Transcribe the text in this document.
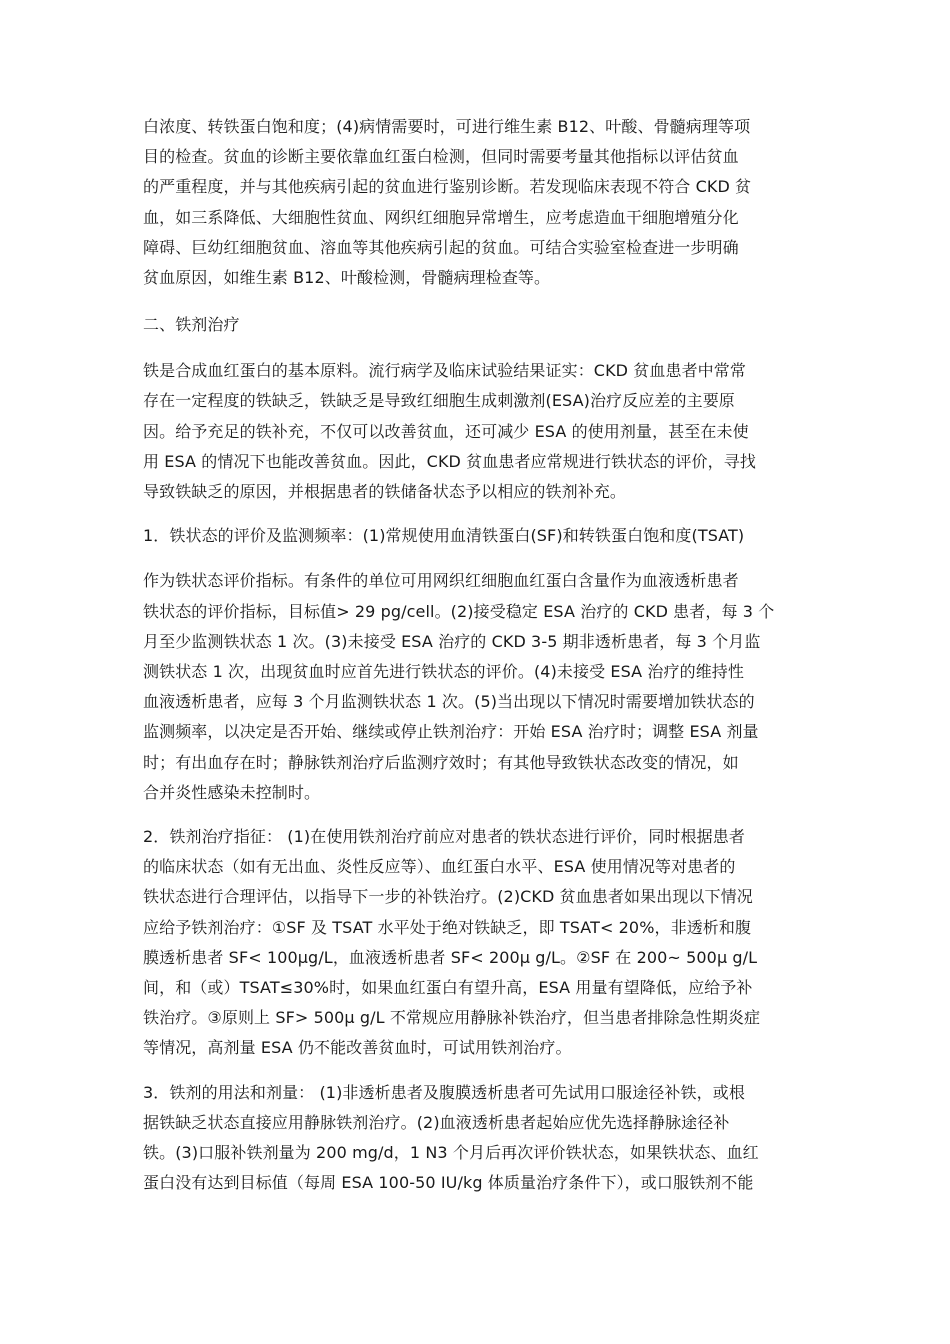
白浓度、转铁蛋白饱和度；(4)病情需要时，可进行维生素 B12、叶酸、骨髓病理等项
目的检查。贫血的诊断主要依靠血红蛋白检测，但同时需要考量其他指标以评估贫血
的严重程度，并与其他疾病引起的贫血进行鉴别诊断。若发现临床表现不符合 CKD 贫
血，如三系降低、大细胞性贫血、网织红细胞异常增生，应考虑造血干细胞增殖分化
障碍、巨幼红细胞贫血、溶血等其他疾病引起的贫血。可结合实验室检查进一步明确
贫血原因，如维生素 B12、叶酸检测，骨髓病理检查等。

二、铁剂治疗

铁是合成血红蛋白的基本原料。流行病学及临床试验结果证实：CKD 贫血患者中常常
存在一定程度的铁缺乏，铁缺乏是导致红细胞生成刺激剂(ESA)治疗反应差的主要原
因。给予充足的铁补充，不仅可以改善贫血，还可减少 ESA 的使用剂量，甚至在未使
用 ESA 的情况下也能改善贫血。因此，CKD 贫血患者应常规进行铁状态的评价，寻找
导致铁缺乏的原因，并根据患者的铁储备状态予以相应的铁剂补充。

1．铁状态的评价及监测频率：(1)常规使用血清铁蛋白(SF)和转铁蛋白饱和度(TSAT)

作为铁状态评价指标。有条件的单位可用网织红细胞血红蛋白含量作为血液透析患者
铁状态的评价指标，目标值> 29 pg/cell。(2)接受稳定 ESA 治疗的 CKD 患者，每 3 个
月至少监测铁状态 1 次。(3)未接受 ESA 治疗的 CKD 3-5 期非透析患者，每 3 个月监
测铁状态 1 次，出现贫血时应首先进行铁状态的评价。(4)未接受 ESA 治疗的维持性
血液透析患者，应每 3 个月监测铁状态 1 次。(5)当出现以下情况时需要增加铁状态的
监测频率，以决定是否开始、继续或停止铁剂治疗：开始 ESA 治疗时；调整 ESA 剂量
时；有出血存在时；静脉铁剂治疗后监测疗效时；有其他导致铁状态改变的情况，如
合并炎性感染未控制时。

2．铁剂治疗指征： (1)在使用铁剂治疗前应对患者的铁状态进行评价，同时根据患者
的临床状态（如有无出血、炎性反应等）、血红蛋白水平、ESA 使用情况等对患者的
铁状态进行合理评估，以指导下一步的补铁治疗。(2)CKD 贫血患者如果出现以下情况
应给予铁剂治疗：①SF 及 TSAT 水平处于绝对铁缺乏，即 TSAT< 20%，非透析和腹
膜透析患者 SF< 100μg/L，血液透析患者 SF< 200μ g/L。②SF 在 200~ 500μ g/L
间，和（或）TSAT≤30%时，如果血红蛋白有望升高，ESA 用量有望降低，应给予补
铁治疗。③原则上 SF> 500μ g/L 不常规应用静脉补铁治疗，但当患者排除急性期炎症
等情况，高剂量 ESA 仍不能改善贫血时，可试用铁剂治疗。

3．铁剂的用法和剂量： (1)非透析患者及腹膜透析患者可先试用口服途径补铁，或根
据铁缺乏状态直接应用静脉铁剂治疗。(2)血液透析患者起始应优先选择静脉途径补
铁。(3)口服补铁剂量为 200 mg/d，1 N3 个月后再次评价铁状态，如果铁状态、血红
蛋白没有达到目标值（每周 ESA 100-50 IU/kg 体质量治疗条件下），或口服铁剂不能
